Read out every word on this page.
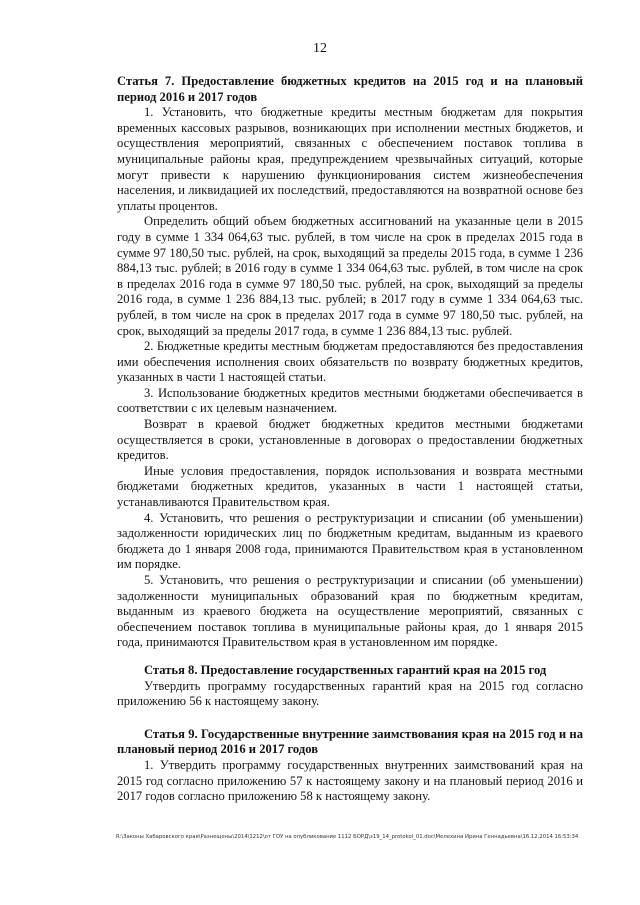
12

Статья 7. Предоставление бюджетных кредитов на 2015 год и на плановый период 2016 и 2017 годов

1. Установить, что бюджетные кредиты местным бюджетам для покрытия временных кассовых разрывов, возникающих при исполнении местных бюджетов, и осуществления мероприятий, связанных с обеспечением поставок топлива в муниципальные районы края, предупреждением чрезвычайных ситуаций, которые могут привести к нарушению функционирования систем жизнеобеспечения населения, и ликвидацией их последствий, предоставляются на возвратной основе без уплаты процентов.

Определить общий объем бюджетных ассигнований на указанные цели в 2015 году в сумме 1 334 064,63 тыс. рублей, в том числе на срок в пределах 2015 года в сумме 97 180,50 тыс. рублей, на срок, выходящий за пределы 2015 года, в сумме 1 236 884,13 тыс. рублей; в 2016 году в сумме 1 334 064,63 тыс. рублей, в том числе на срок в пределах 2016 года в сумме 97 180,50 тыс. рублей, на срок, выходящий за пределы 2016 года, в сумме 1 236 884,13 тыс. рублей; в 2017 году в сумме 1 334 064,63 тыс. рублей, в том числе на срок в пределах 2017 года в сумме 97 180,50 тыс. рублей, на срок, выходящий за пределы 2017 года, в сумме 1 236 884,13 тыс. рублей.

2. Бюджетные кредиты местным бюджетам предоставляются без предоставления ими обеспечения исполнения своих обязательств по возврату бюджетных кредитов, указанных в части 1 настоящей статьи.

3. Использование бюджетных кредитов местными бюджетами обеспечивается в соответствии с их целевым назначением.

Возврат в краевой бюджет бюджетных кредитов местными бюджетами осуществляется в сроки, установленные в договорах о предоставлении бюджетных кредитов.

Иные условия предоставления, порядок использования и возврата местными бюджетами бюджетных кредитов, указанных в части 1 настоящей статьи, устанавливаются Правительством края.

4. Установить, что решения о реструктуризации и списании (об уменьшении) задолженности юридических лиц по бюджетным кредитам, выданным из краевого бюджета до 1 января 2008 года, принимаются Правительством края в установленном им порядке.

5. Установить, что решения о реструктуризации и списании (об уменьшении) задолженности муниципальных образований края по бюджетным кредитам, выданным из краевого бюджета на осуществление мероприятий, связанных с обеспечением поставок топлива в муниципальные районы края, до 1 января 2015 года, принимаются Правительством края в установленном им порядке.

Статья 8. Предоставление государственных гарантий края на 2015 год

Утвердить программу государственных гарантий края на 2015 год согласно приложению 56 к настоящему закону.

Статья 9. Государственные внутренние заимствования края на 2015 год и на плановый период 2016 и 2017 годов

1. Утвердить программу государственных внутренних заимствований края на 2015 год согласно приложению 57 к настоящему закону и на плановый период 2016 и 2017 годов согласно приложению 58 к настоящему закону.

R:\Законы Хабаровского края\Разнещены\2014\1212\от ГОУ на опубликование 1112 БОРД\з19_14_protokol_01.doc\Мелехина Ирина Геннадьевна\16.12.2014 16:53:34
